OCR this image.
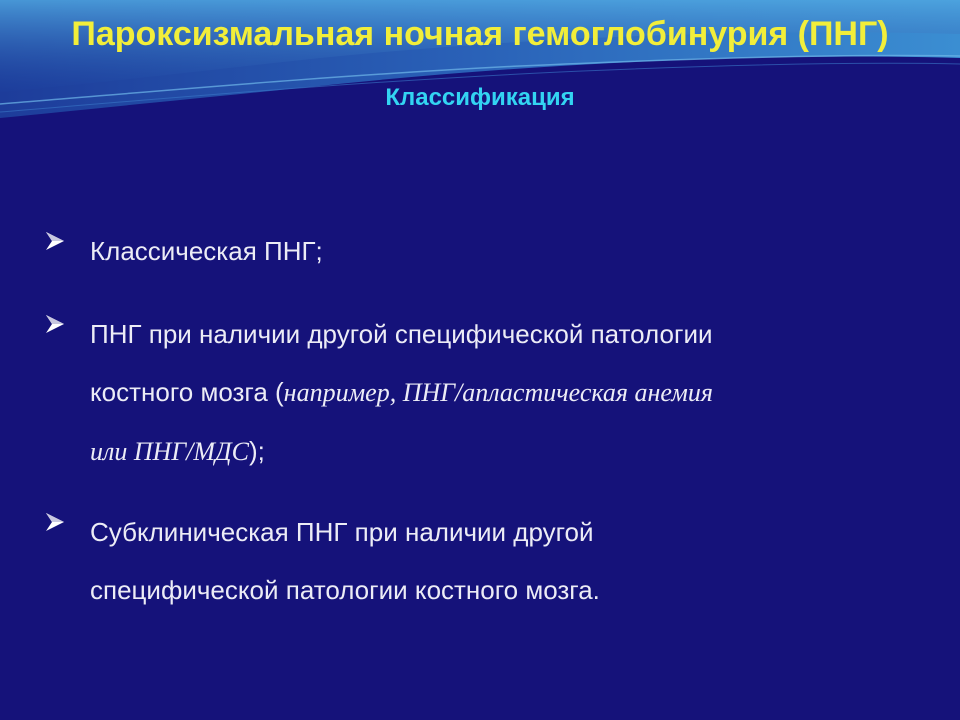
Пароксизмальная ночная гемоглобинурия (ПНГ)
Классификация
Классическая ПНГ;
ПНГ при наличии другой специфической патологии
костного мозга (например, ПНГ/апластическая анемия
или ПНГ/МДС);
Субклиническая ПНГ при наличии другой
специфической патологии костного мозга.
